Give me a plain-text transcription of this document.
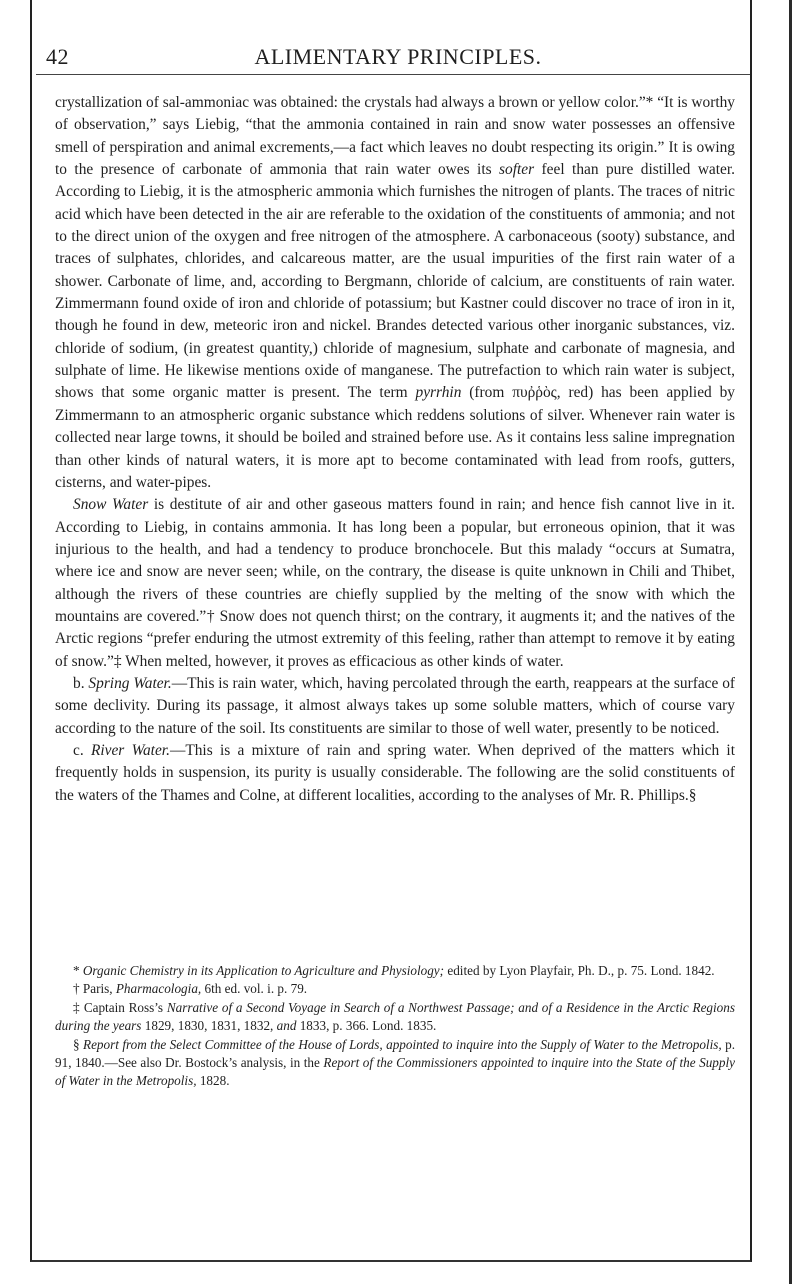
42	ALIMENTARY PRINCIPLES.

crystallization of sal-ammoniac was obtained: the crystals had always a brown or yellow color.”* “It is worthy of observation,” says Liebig, “that the ammonia contained in rain and snow water possesses an offensive smell of perspiration and animal excrements,—a fact which leaves no doubt respecting its origin.” It is owing to the presence of carbonate of ammonia that rain water owes its softer feel than pure distilled water. According to Liebig, it is the atmospheric ammonia which furnishes the nitrogen of plants. The traces of nitric acid which have been detected in the air are referable to the oxidation of the constituents of ammonia; and not to the direct union of the oxygen and free nitrogen of the atmosphere. A carbonaceous (sooty) substance, and traces of sulphates, chlorides, and calcareous matter, are the usual impurities of the first rain water of a shower. Carbonate of lime, and, according to Bergmann, chloride of calcium, are constituents of rain water. Zimmermann found oxide of iron and chloride of potassium; but Kastner could discover no trace of iron in it, though he found in dew, meteoric iron and nickel. Brandes detected various other inorganic substances, viz. chloride of sodium, (in greatest quantity,) chloride of magnesium, sulphate and carbonate of magnesia, and sulphate of lime. He likewise mentions oxide of manganese. The putrefaction to which rain water is subject, shows that some organic matter is present. The term pyrrhin (from πυῤῥὸς, red) has been applied by Zimmermann to an atmospheric organic substance which reddens solutions of silver. Whenever rain water is collected near large towns, it should be boiled and strained before use. As it contains less saline impregnation than other kinds of natural waters, it is more apt to become contaminated with lead from roofs, gutters, cisterns, and water-pipes.

Snow Water is destitute of air and other gaseous matters found in rain; and hence fish cannot live in it. According to Liebig, in contains ammonia. It has long been a popular, but erroneous opinion, that it was injurious to the health, and had a tendency to produce bronchocele. But this malady “occurs at Sumatra, where ice and snow are never seen; while, on the contrary, the disease is quite unknown in Chili and Thibet, although the rivers of these countries are chiefly supplied by the melting of the snow with which the mountains are covered.”† Snow does not quench thirst; on the contrary, it augments it; and the natives of the Arctic regions “prefer enduring the utmost extremity of this feeling, rather than attempt to remove it by eating of snow.”‡ When melted, however, it proves as efficacious as other kinds of water.

b. Spring Water.—This is rain water, which, having percolated through the earth, reappears at the surface of some declivity. During its passage, it almost always takes up some soluble matters, which of course vary according to the nature of the soil. Its constituents are similar to those of well water, presently to be noticed.

c. River Water.—This is a mixture of rain and spring water. When deprived of the matters which it frequently holds in suspension, its purity is usually considerable. The following are the solid constituents of the waters of the Thames and Colne, at different localities, according to the analyses of Mr. R. Phillips.§

* Organic Chemistry in its Application to Agriculture and Physiology; edited by Lyon Playfair, Ph. D., p. 75. Lond. 1842.

† Paris, Pharmacologia, 6th ed. vol. i. p. 79.

‡ Captain Ross’s Narrative of a Second Voyage in Search of a Northwest Passage; and of a Residence in the Arctic Regions during the years 1829, 1830, 1831, 1832, and 1833, p. 366. Lond. 1835.

§ Report from the Select Committee of the House of Lords, appointed to inquire into the Supply of Water to the Metropolis, p. 91, 1840.—See also Dr. Bostock’s analysis, in the Report of the Commissioners appointed to inquire into the State of the Supply of Water in the Metropolis, 1828.
